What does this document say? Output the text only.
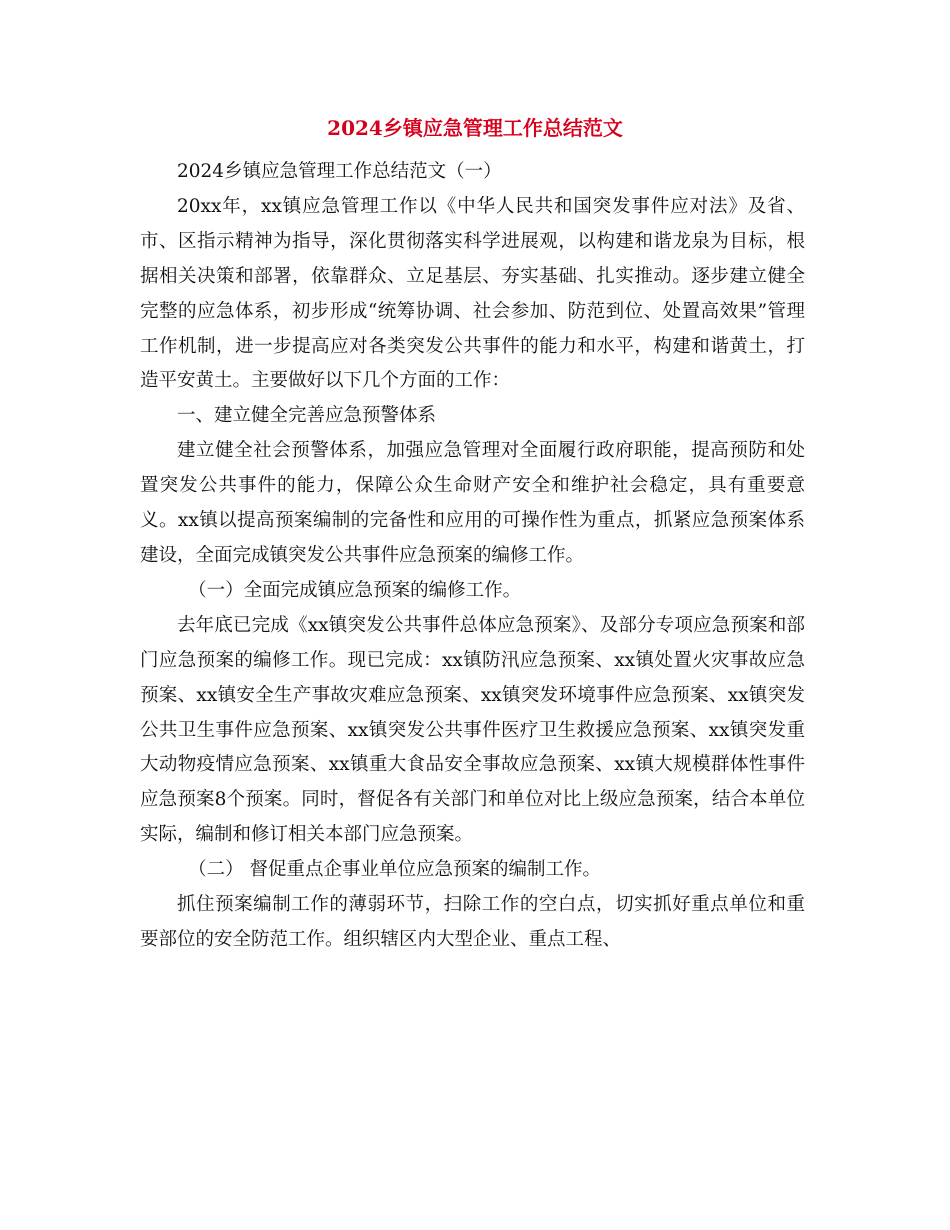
2024乡镇应急管理工作总结范文

2024乡镇应急管理工作总结范文（一）

20xx年，xx镇应急管理工作以《中华人民共和国突发事件应对法》及省、市、区指示精神为指导，深化贯彻落实科学进展观，以构建和谐龙泉为目标，根据相关决策和部署，依靠群众、立足基层、夯实基础、扎实推动。逐步建立健全完整的应急体系，初步形成“统筹协调、社会参加、防范到位、处置高效果”管理工作机制，进一步提高应对各类突发公共事件的能力和水平，构建和谐黄土，打造平安黄土。主要做好以下几个方面的工作：

一、建立健全完善应急预警体系

建立健全社会预警体系，加强应急管理对全面履行政府职能，提高预防和处置突发公共事件的能力，保障公众生命财产安全和维护社会稳定，具有重要意义。xx镇以提高预案编制的完备性和应用的可操作性为重点，抓紧应急预案体系建设，全面完成镇突发公共事件应急预案的编修工作。

（一）全面完成镇应急预案的编修工作。

去年底已完成《xx镇突发公共事件总体应急预案》、及部分专项应急预案和部门应急预案的编修工作。现已完成：xx镇防汛应急预案、xx镇处置火灾事故应急预案、xx镇安全生产事故灾难应急预案、xx镇突发环境事件应急预案、xx镇突发公共卫生事件应急预案、xx镇突发公共事件医疗卫生救援应急预案、xx镇突发重大动物疫情应急预案、xx镇重大食品安全事故应急预案、xx镇大规模群体性事件应急预案8个预案。同时，督促各有关部门和单位对比上级应急预案，结合本单位实际，编制和修订相关本部门应急预案。

（二） 督促重点企事业单位应急预案的编制工作。

抓住预案编制工作的薄弱环节，扫除工作的空白点，切实抓好重点单位和重要部位的安全防范工作。组织辖区内大型企业、重点工程、
